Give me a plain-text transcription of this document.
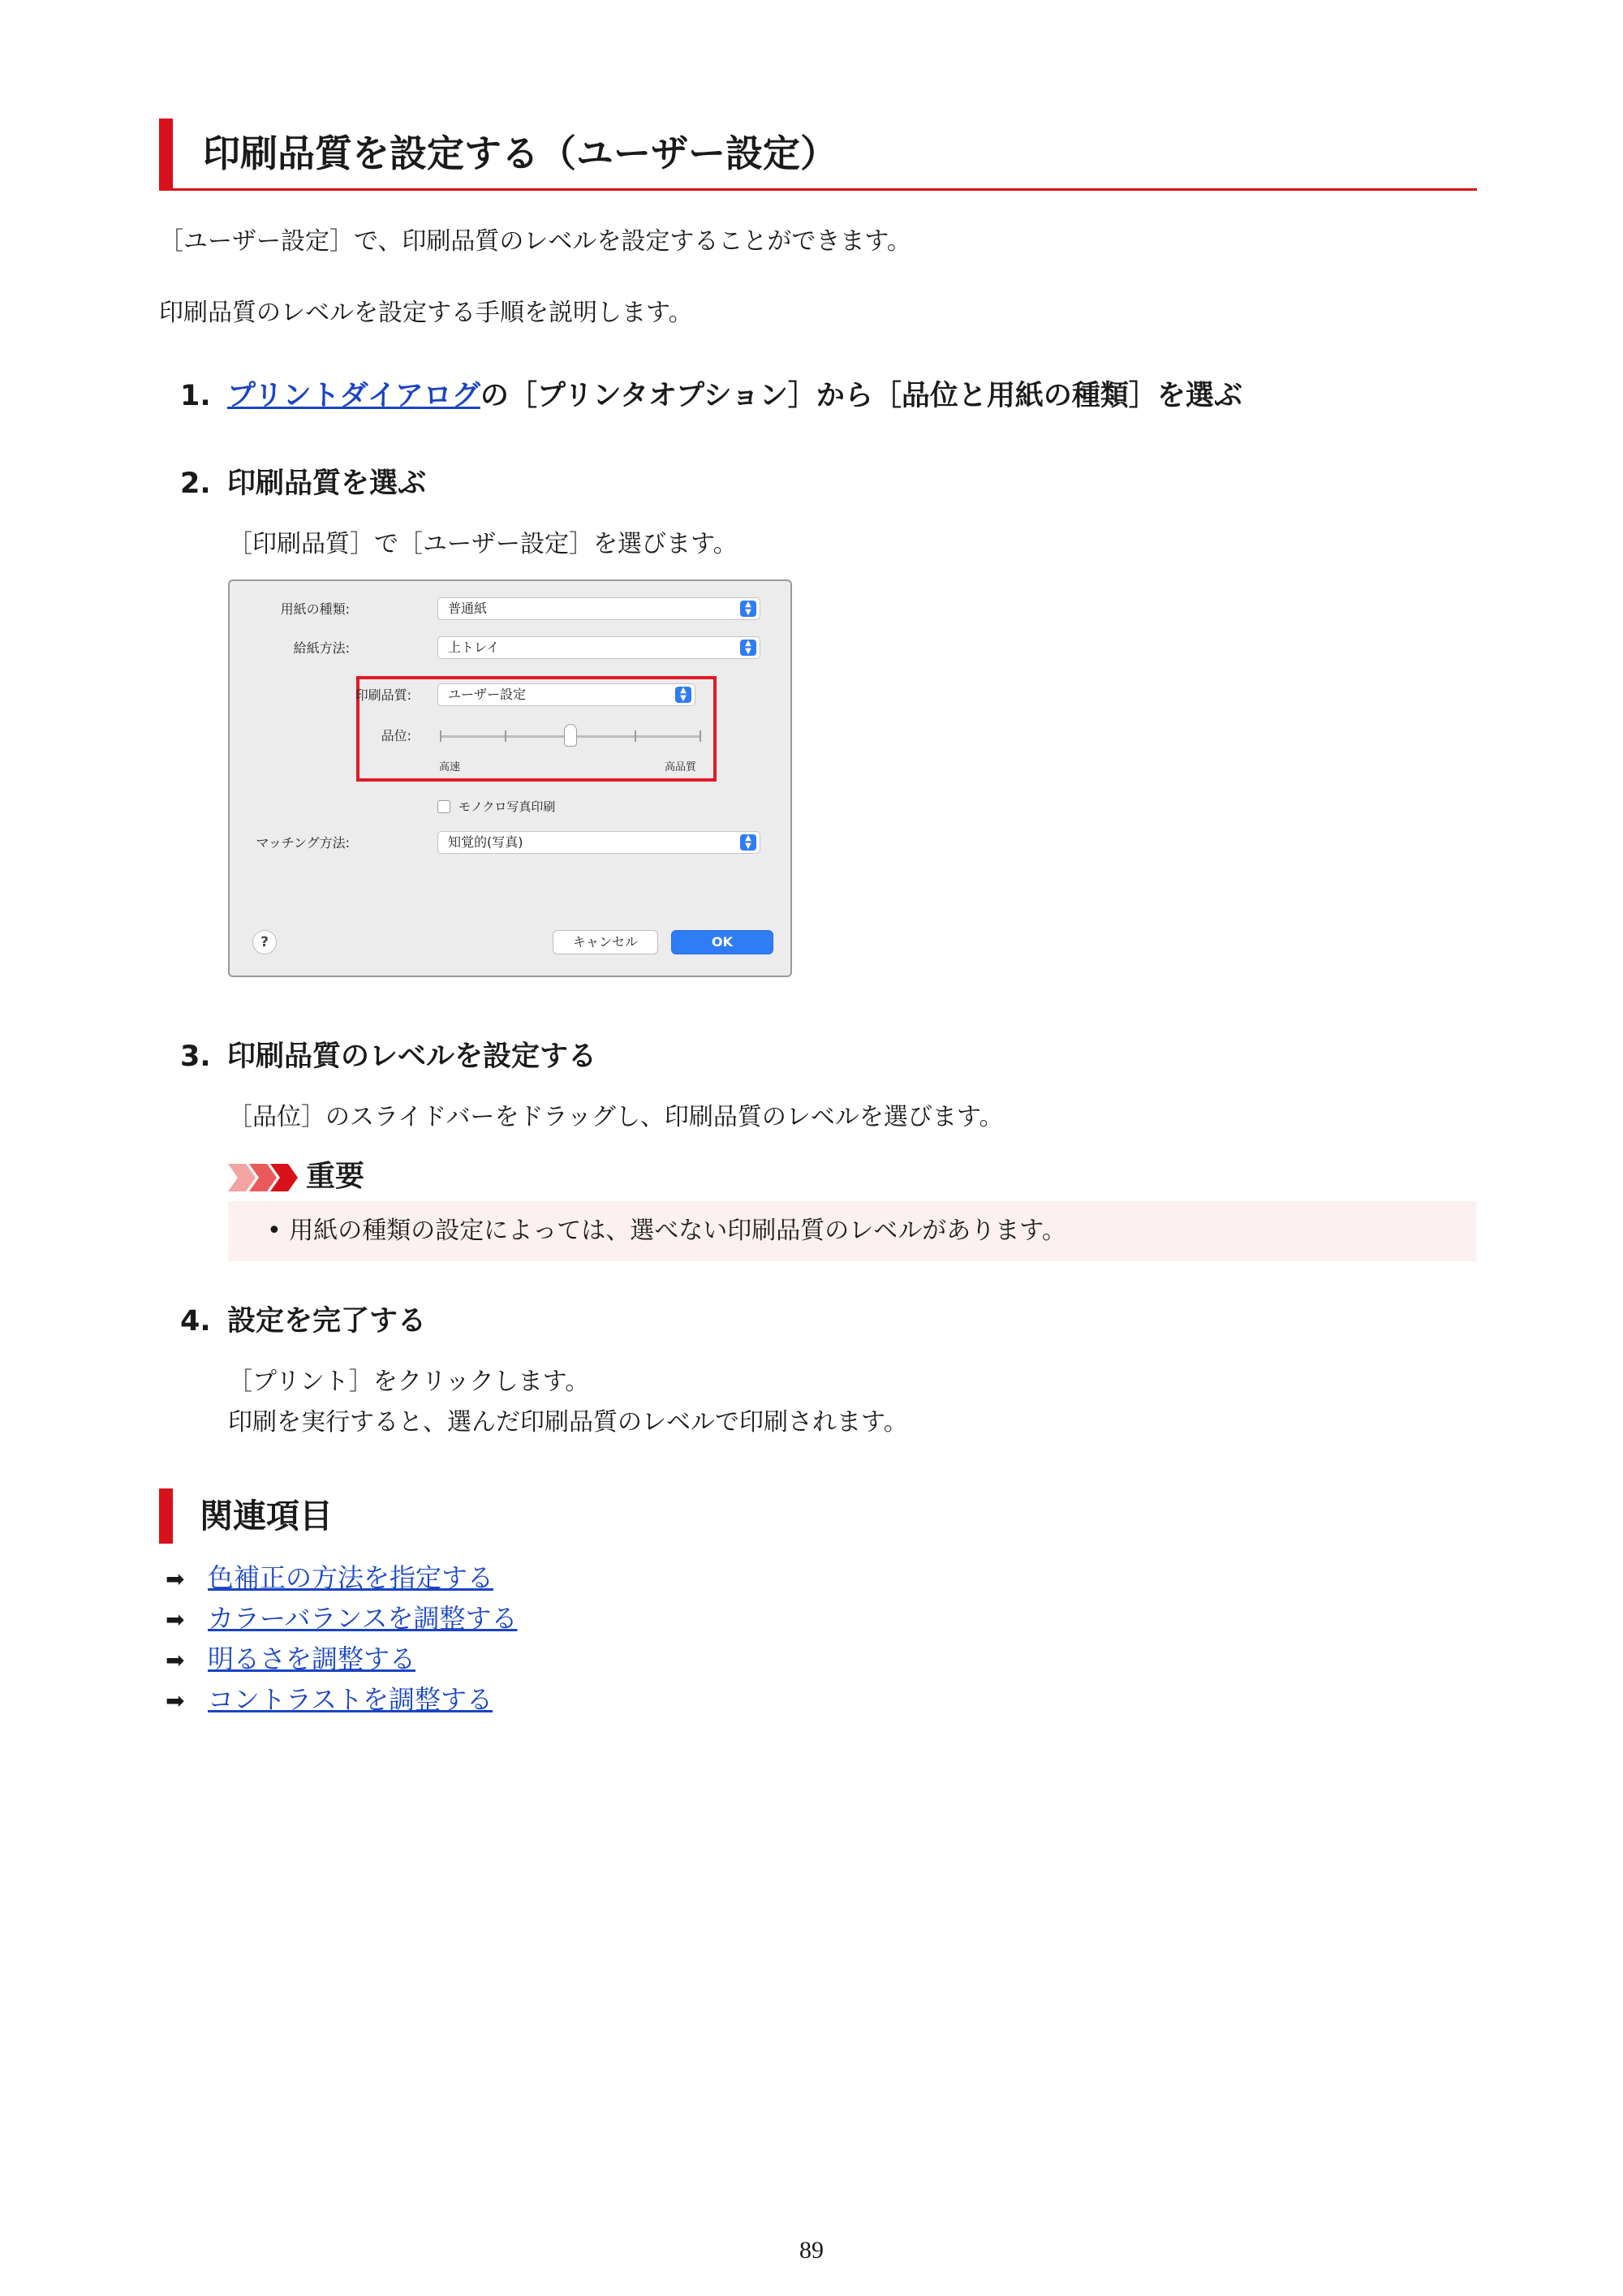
印刷品質を設定する（ユーザー設定）
［ユーザー設定］で、印刷品質のレベルを設定することができます。
印刷品質のレベルを設定する手順を説明します。
1. プリントダイアログの［プリンタオプション］から［品位と用紙の種類］を選ぶ
2. 印刷品質を選ぶ
［印刷品質］で［ユーザー設定］を選びます。
用紙の種類:	普通紙	▲
▼
給紙方法:	上トレイ	▲
▼
印刷品質:	ユーザー設定	▲
▼
品位:
高速	高品質
モノクロ写真印刷
マッチング方法:	知覚的(写真)	▲
▼
?	キャンセル	OK
3. 印刷品質のレベルを設定する
［品位］のスライドバーをドラッグし、印刷品質のレベルを選びます。
重要
• 用紙の種類の設定によっては、選べない印刷品質のレベルがあります。
4. 設定を完了する
［プリント］をクリックします。
印刷を実行すると、選んだ印刷品質のレベルで印刷されます。
関連項目
➡ 色補正の方法を指定する
➡ カラーバランスを調整する
➡ 明るさを調整する
➡ コントラストを調整する
89
